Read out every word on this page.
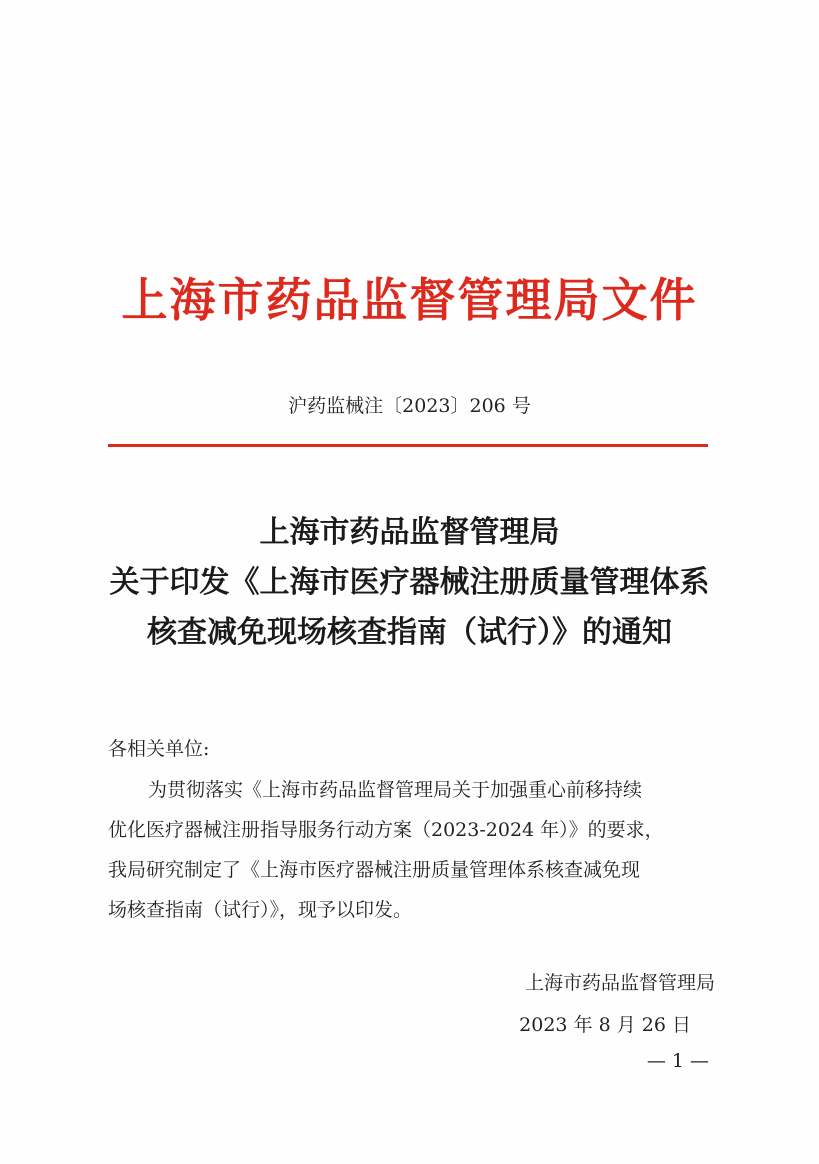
上海市药品监督管理局文件
沪药监械注〔2023〕206 号
上海市药品监督管理局
关于印发《上海市医疗器械注册质量管理体系
核查减免现场核查指南（试行）》的通知
各相关单位:
为贯彻落实《上海市药品监督管理局关于加强重心前移持续
优化医疗器械注册指导服务行动方案（2023-2024 年）》的要求，
我局研究制定了《上海市医疗器械注册质量管理体系核查减免现
场核查指南（试行）》，现予以印发。
上海市药品监督管理局
2023 年 8 月 26 日
— 1 —
